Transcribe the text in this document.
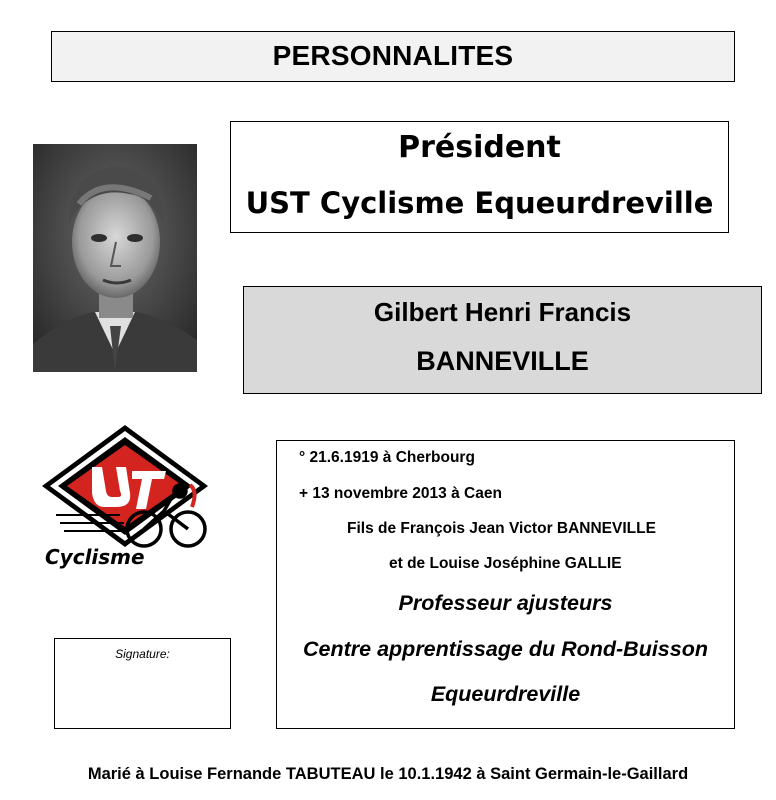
PERSONNALITES
Président
UST Cyclisme Equeurdreville
Gilbert Henri Francis
BANNEVILLE
Cyclisme
Signature:
° 21.6.1919 à Cherbourg
+ 13 novembre 2013 à Caen
Fils de François Jean Victor BANNEVILLE
et de Louise Joséphine GALLIE
Professeur ajusteurs
Centre apprentissage du Rond-Buisson
Equeurdreville
Marié à Louise Fernande TABUTEAU le 10.1.1942 à Saint Germain-le-Gaillard
